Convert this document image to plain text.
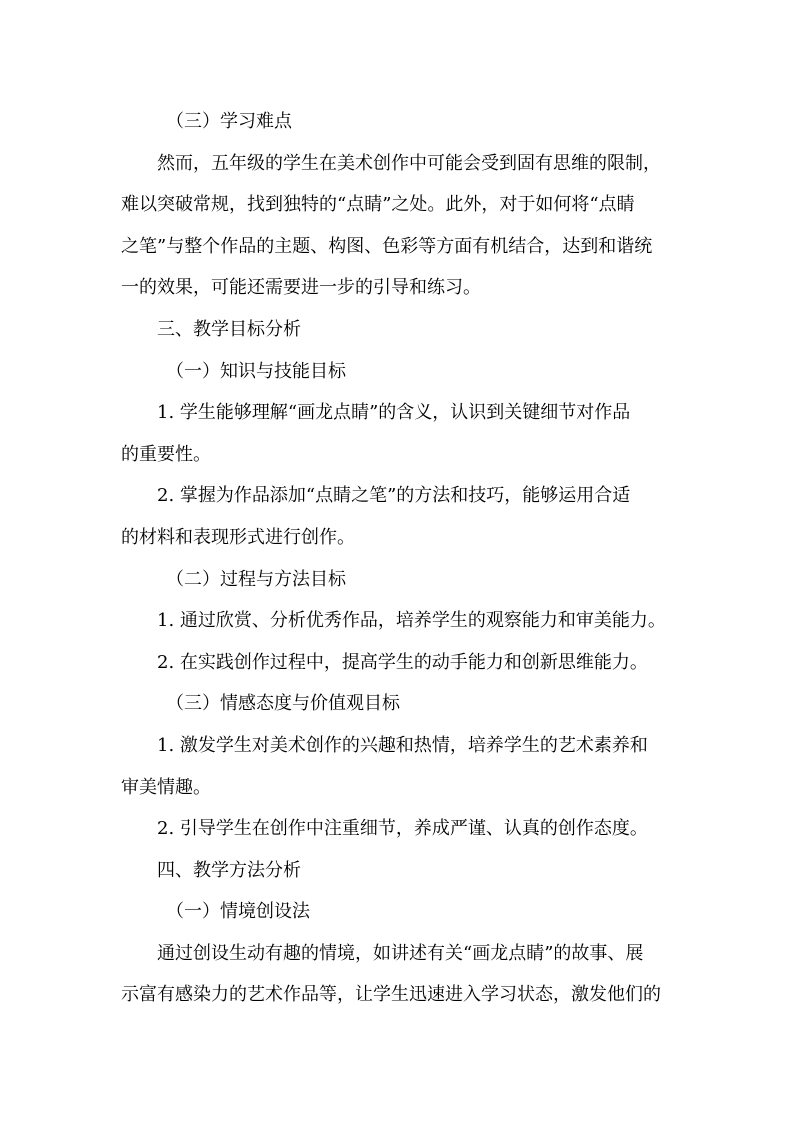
（三）学习难点
然而，五年级的学生在美术创作中可能会受到固有思维的限制，
难以突破常规，找到独特的“点睛”之处。此外，对于如何将“点睛
之笔”与整个作品的主题、构图、色彩等方面有机结合，达到和谐统
一的效果，可能还需要进一步的引导和练习。
三、教学目标分析
（一）知识与技能目标
1. 学生能够理解“画龙点睛”的含义，认识到关键细节对作品
的重要性。
2. 掌握为作品添加“点睛之笔”的方法和技巧，能够运用合适
的材料和表现形式进行创作。
（二）过程与方法目标
1. 通过欣赏、分析优秀作品，培养学生的观察能力和审美能力。
2. 在实践创作过程中，提高学生的动手能力和创新思维能力。
（三）情感态度与价值观目标
1. 激发学生对美术创作的兴趣和热情，培养学生的艺术素养和
审美情趣。
2. 引导学生在创作中注重细节，养成严谨、认真的创作态度。
四、教学方法分析
（一）情境创设法
通过创设生动有趣的情境，如讲述有关“画龙点睛”的故事、展
示富有感染力的艺术作品等，让学生迅速进入学习状态，激发他们的
